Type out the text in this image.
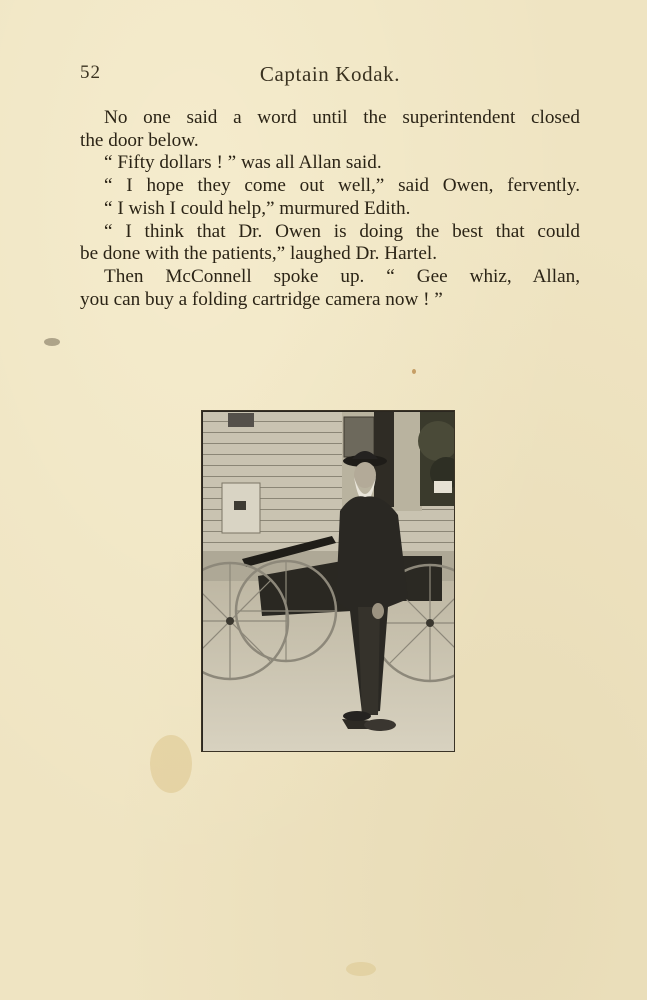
52	Captain Kodak.
No one said a word until the superintendent closed
the door below.
“ Fifty dollars ! ” was all Allan said.
“ I hope they come out well,” said Owen, fervently.
“ I wish I could help,” murmured Edith.
“ I think that Dr. Owen is doing the best that could
be done with the patients,” laughed Dr. Hartel.
Then McConnell spoke up. “ Gee whiz, Allan,
you can buy a folding cartridge camera now ! ”
